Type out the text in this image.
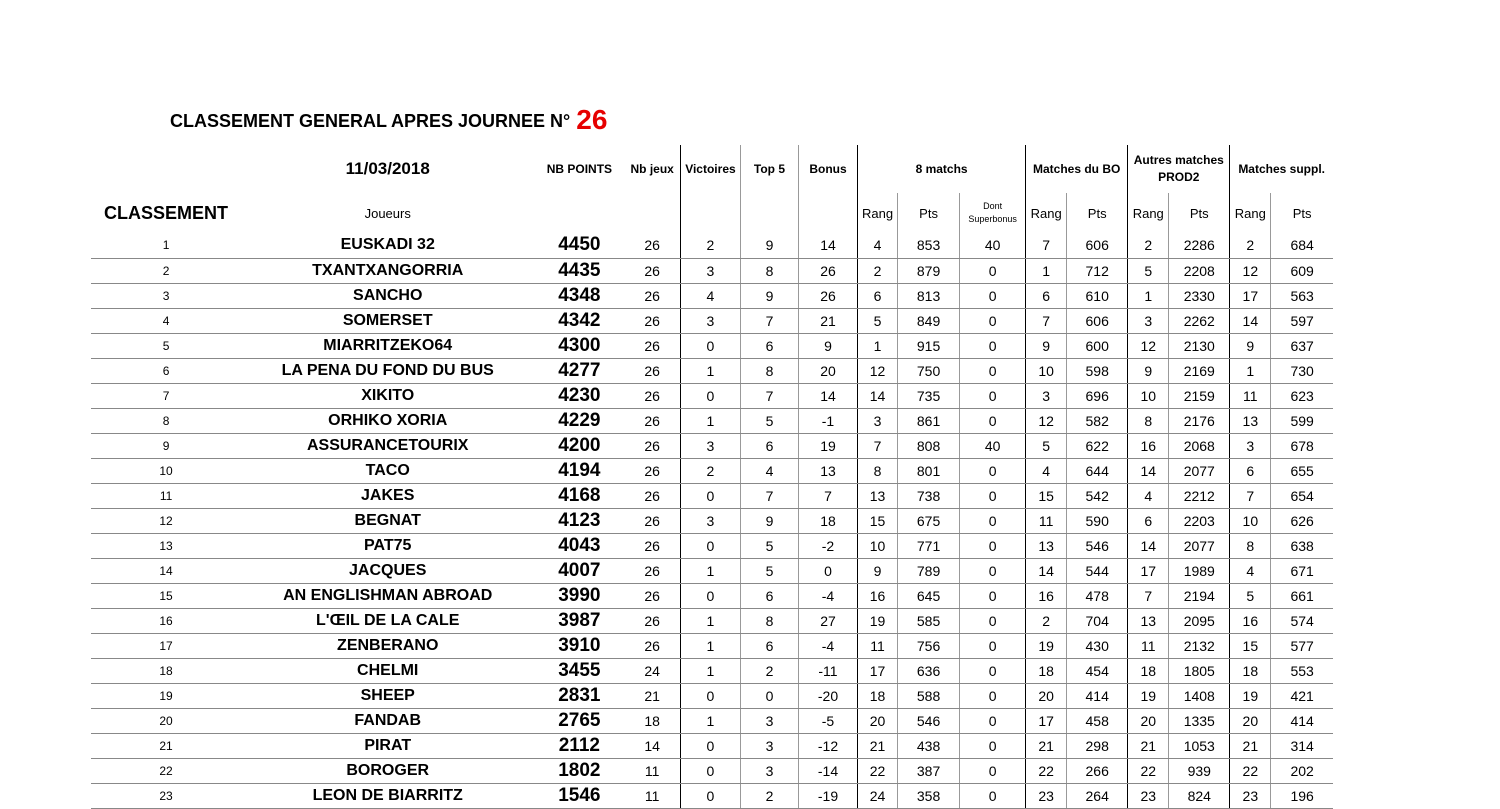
CLASSEMENT GENERAL APRES JOURNEE N° 26
	11/03/2018	NB POINTS	Nb jeux	Victoires	Top 5	Bonus	8 matchs			Matches du BO		Autres matches PROD2		Matches suppl.	
CLASSEMENT	Joueurs						Rang	Pts	Dont Superbonus	Rang	Pts	Rang	Pts	Rang	Pts
1	EUSKADI 32	4450	26	2	9	14	4	853	40	7	606	2	2286	2	684
2	TXANTXANGORRIA	4435	26	3	8	26	2	879	0	1	712	5	2208	12	609
3	SANCHO	4348	26	4	9	26	6	813	0	6	610	1	2330	17	563
4	SOMERSET	4342	26	3	7	21	5	849	0	7	606	3	2262	14	597
5	MIARRITZEKO64	4300	26	0	6	9	1	915	0	9	600	12	2130	9	637
6	LA PENA DU FOND DU BUS	4277	26	1	8	20	12	750	0	10	598	9	2169	1	730
7	XIKITO	4230	26	0	7	14	14	735	0	3	696	10	2159	11	623
8	ORHIKO XORIA	4229	26	1	5	-1	3	861	0	12	582	8	2176	13	599
9	ASSURANCETOURIX	4200	26	3	6	19	7	808	40	5	622	16	2068	3	678
10	TACO	4194	26	2	4	13	8	801	0	4	644	14	2077	6	655
11	JAKES	4168	26	0	7	7	13	738	0	15	542	4	2212	7	654
12	BEGNAT	4123	26	3	9	18	15	675	0	11	590	6	2203	10	626
13	PAT75	4043	26	0	5	-2	10	771	0	13	546	14	2077	8	638
14	JACQUES	4007	26	1	5	0	9	789	0	14	544	17	1989	4	671
15	AN ENGLISHMAN ABROAD	3990	26	0	6	-4	16	645	0	16	478	7	2194	5	661
16	L'ŒIL DE LA CALE	3987	26	1	8	27	19	585	0	2	704	13	2095	16	574
17	ZENBERANO	3910	26	1	6	-4	11	756	0	19	430	11	2132	15	577
18	CHELMI	3455	24	1	2	-11	17	636	0	18	454	18	1805	18	553
19	SHEEP	2831	21	0	0	-20	18	588	0	20	414	19	1408	19	421
20	FANDAB	2765	18	1	3	-5	20	546	0	17	458	20	1335	20	414
21	PIRAT	2112	14	0	3	-12	21	438	0	21	298	21	1053	21	314
22	BOROGER	1802	11	0	3	-14	22	387	0	22	266	22	939	22	202
23	LEON DE BIARRITZ	1546	11	0	2	-19	24	358	0	23	264	23	824	23	196
